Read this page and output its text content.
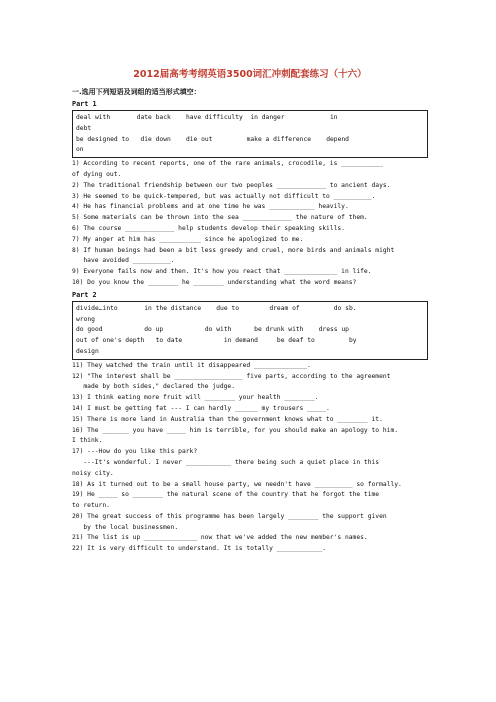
2012届高考考纲英语3500词汇冲刺配套练习（十六）
一.选用下列短语及词组的适当形式填空：
Part 1
deal with       date back    have difficulty  in danger            in
debt
be designed to   die down    die out         make a difference    depend
on
1) According to recent reports, one of the rare animals, crocodile, is ___________
of dying out.
2) The traditional friendship between our two peoples _____________ to ancient days.
3) He seemed to be quick-tempered, but was actually not difficult to __________.
4) He has financial problems and at one time he was ____________ heavily.
5) Some materials can be thrown into the sea _____________ the nature of them.
6) The course _____________ help students develop their speaking skills.
7) My anger at him has ___________ since he apologized to me.
8) If human beings had been a bit less greedy and cruel, more birds and animals might
have avoided __________.
9) Everyone fails now and then. It's how you react that ______________ in life.
10) Do you know the ________ he ________ understanding what the word means?
Part 2
divide…into       in the distance    due to        dream of         do sb.
wrong
do good           do up           do with      be drunk with    dress up
out of one's depth   to date           in demand     be deaf to         by
design
11) They watched the train until it disappeared ______________.
12) "The interest shall be __________________ five parts, according to the agreement
made by both sides," declared the judge.
13) I think eating more fruit will ________ your health ________.
14) I must be getting fat --- I can hardly ______ my trousers _____.
15) There is more land in Australia than the government knows what to ________ it.
16) The _______ you have _____ him is terrible, for you should make an apology to him.
I think.
17) ---How do you like this park?
---It's wonderful. I never ____________ there being such a quiet place in this
noisy city.
18) As it turned out to be a small house party, we needn't have __________ so formally.
19) He _____ so ________ the natural scene of the country that he forgot the time
to return.
20) The great success of this programme has been largely ________ the support given
by the local businessmen.
21) The list is up ______________ now that we've added the new member's names.
22) It is very difficult to understand. It is totally ____________.
